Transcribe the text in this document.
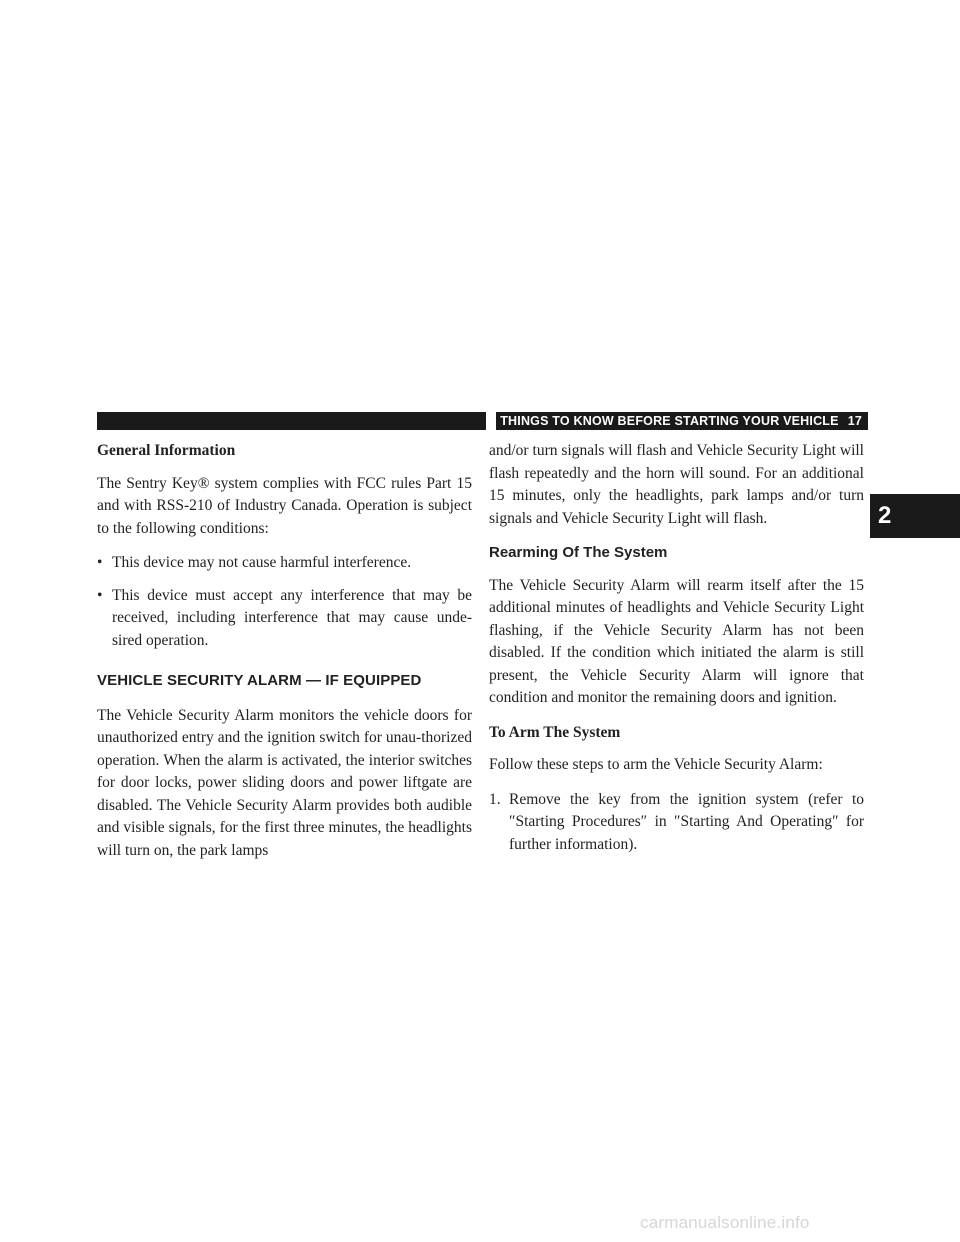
THINGS TO KNOW BEFORE STARTING YOUR VEHICLE 17
2
General Information

The Sentry Key® system complies with FCC rules Part 15 and with RSS-210 of Industry Canada. Operation is subject to the following conditions:

• This device may not cause harmful interference.
• This device must accept any interference that may be received, including interference that may cause unde-sired operation.
VEHICLE SECURITY ALARM — IF EQUIPPED

The Vehicle Security Alarm monitors the vehicle doors for unauthorized entry and the ignition switch for unau-thorized operation. When the alarm is activated, the interior switches for door locks, power sliding doors and power liftgate are disabled. The Vehicle Security Alarm provides both audible and visible signals, for the first three minutes, the headlights will turn on, the park lamps

and/or turn signals will flash and Vehicle Security Light will flash repeatedly and the horn will sound. For an additional 15 minutes, only the headlights, park lamps and/or turn signals and Vehicle Security Light will flash.

Rearming Of The System

The Vehicle Security Alarm will rearm itself after the 15 additional minutes of headlights and Vehicle Security Light flashing, if the Vehicle Security Alarm has not been disabled. If the condition which initiated the alarm is still present, the Vehicle Security Alarm will ignore that condition and monitor the remaining doors and ignition.

To Arm The System

Follow these steps to arm the Vehicle Security Alarm:

1. Remove the key from the ignition system (refer to ″Starting Procedures″ in ″Starting And Operating″ for further information).
carmanualsonline.info
